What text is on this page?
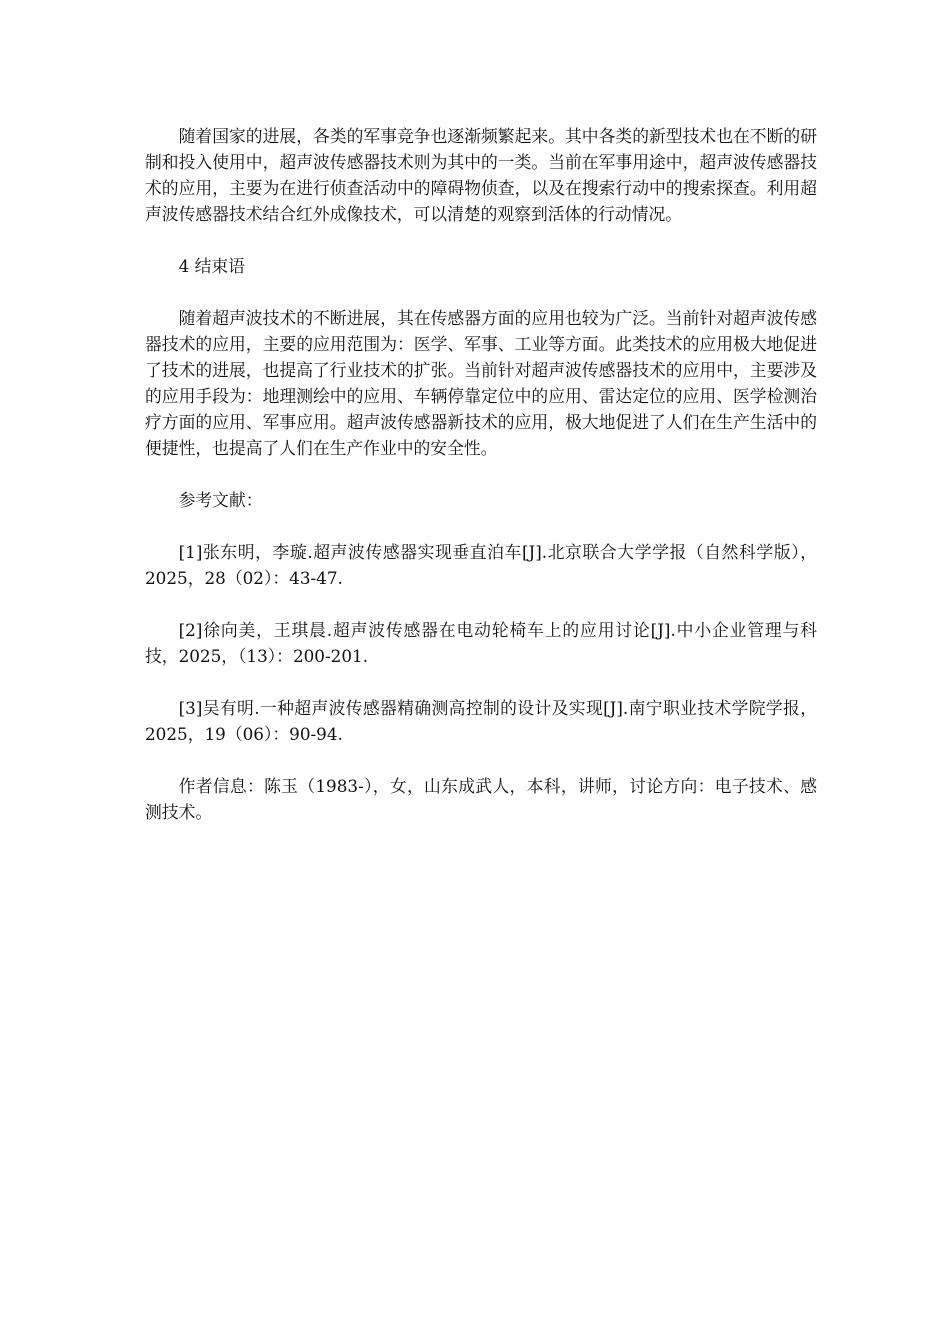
随着国家的进展，各类的军事竞争也逐渐频繁起来。其中各类的新型技术也在不断的研制和投入使用中，超声波传感器技术则为其中的一类。当前在军事用途中，超声波传感器技术的应用，主要为在进行侦查活动中的障碍物侦查，以及在搜索行动中的搜索探查。利用超声波传感器技术结合红外成像技术，可以清楚的观察到活体的行动情况。

4 结束语

随着超声波技术的不断进展，其在传感器方面的应用也较为广泛。当前针对超声波传感器技术的应用，主要的应用范围为：医学、军事、工业等方面。此类技术的应用极大地促进了技术的进展，也提高了行业技术的扩张。当前针对超声波传感器技术的应用中，主要涉及的应用手段为：地理测绘中的应用、车辆停靠定位中的应用、雷达定位的应用、医学检测治疗方面的应用、军事应用。超声波传感器新技术的应用，极大地促进了人们在生产生活中的便捷性，也提高了人们在生产作业中的安全性。

参考文献：

[1]张东明，李璇.超声波传感器实现垂直泊车[J].北京联合大学学报（自然科学版），2025，28（02）：43-47.

[2]徐向美，王琪晨.超声波传感器在电动轮椅车上的应用讨论[J].中小企业管理与科技，2025，（13）：200-201.

[3]吴有明.一种超声波传感器精确测高控制的设计及实现[J].南宁职业技术学院学报，2025，19（06）：90-94.

作者信息：陈玉（1983-），女，山东成武人，本科，讲师，讨论方向：电子技术、感测技术。
